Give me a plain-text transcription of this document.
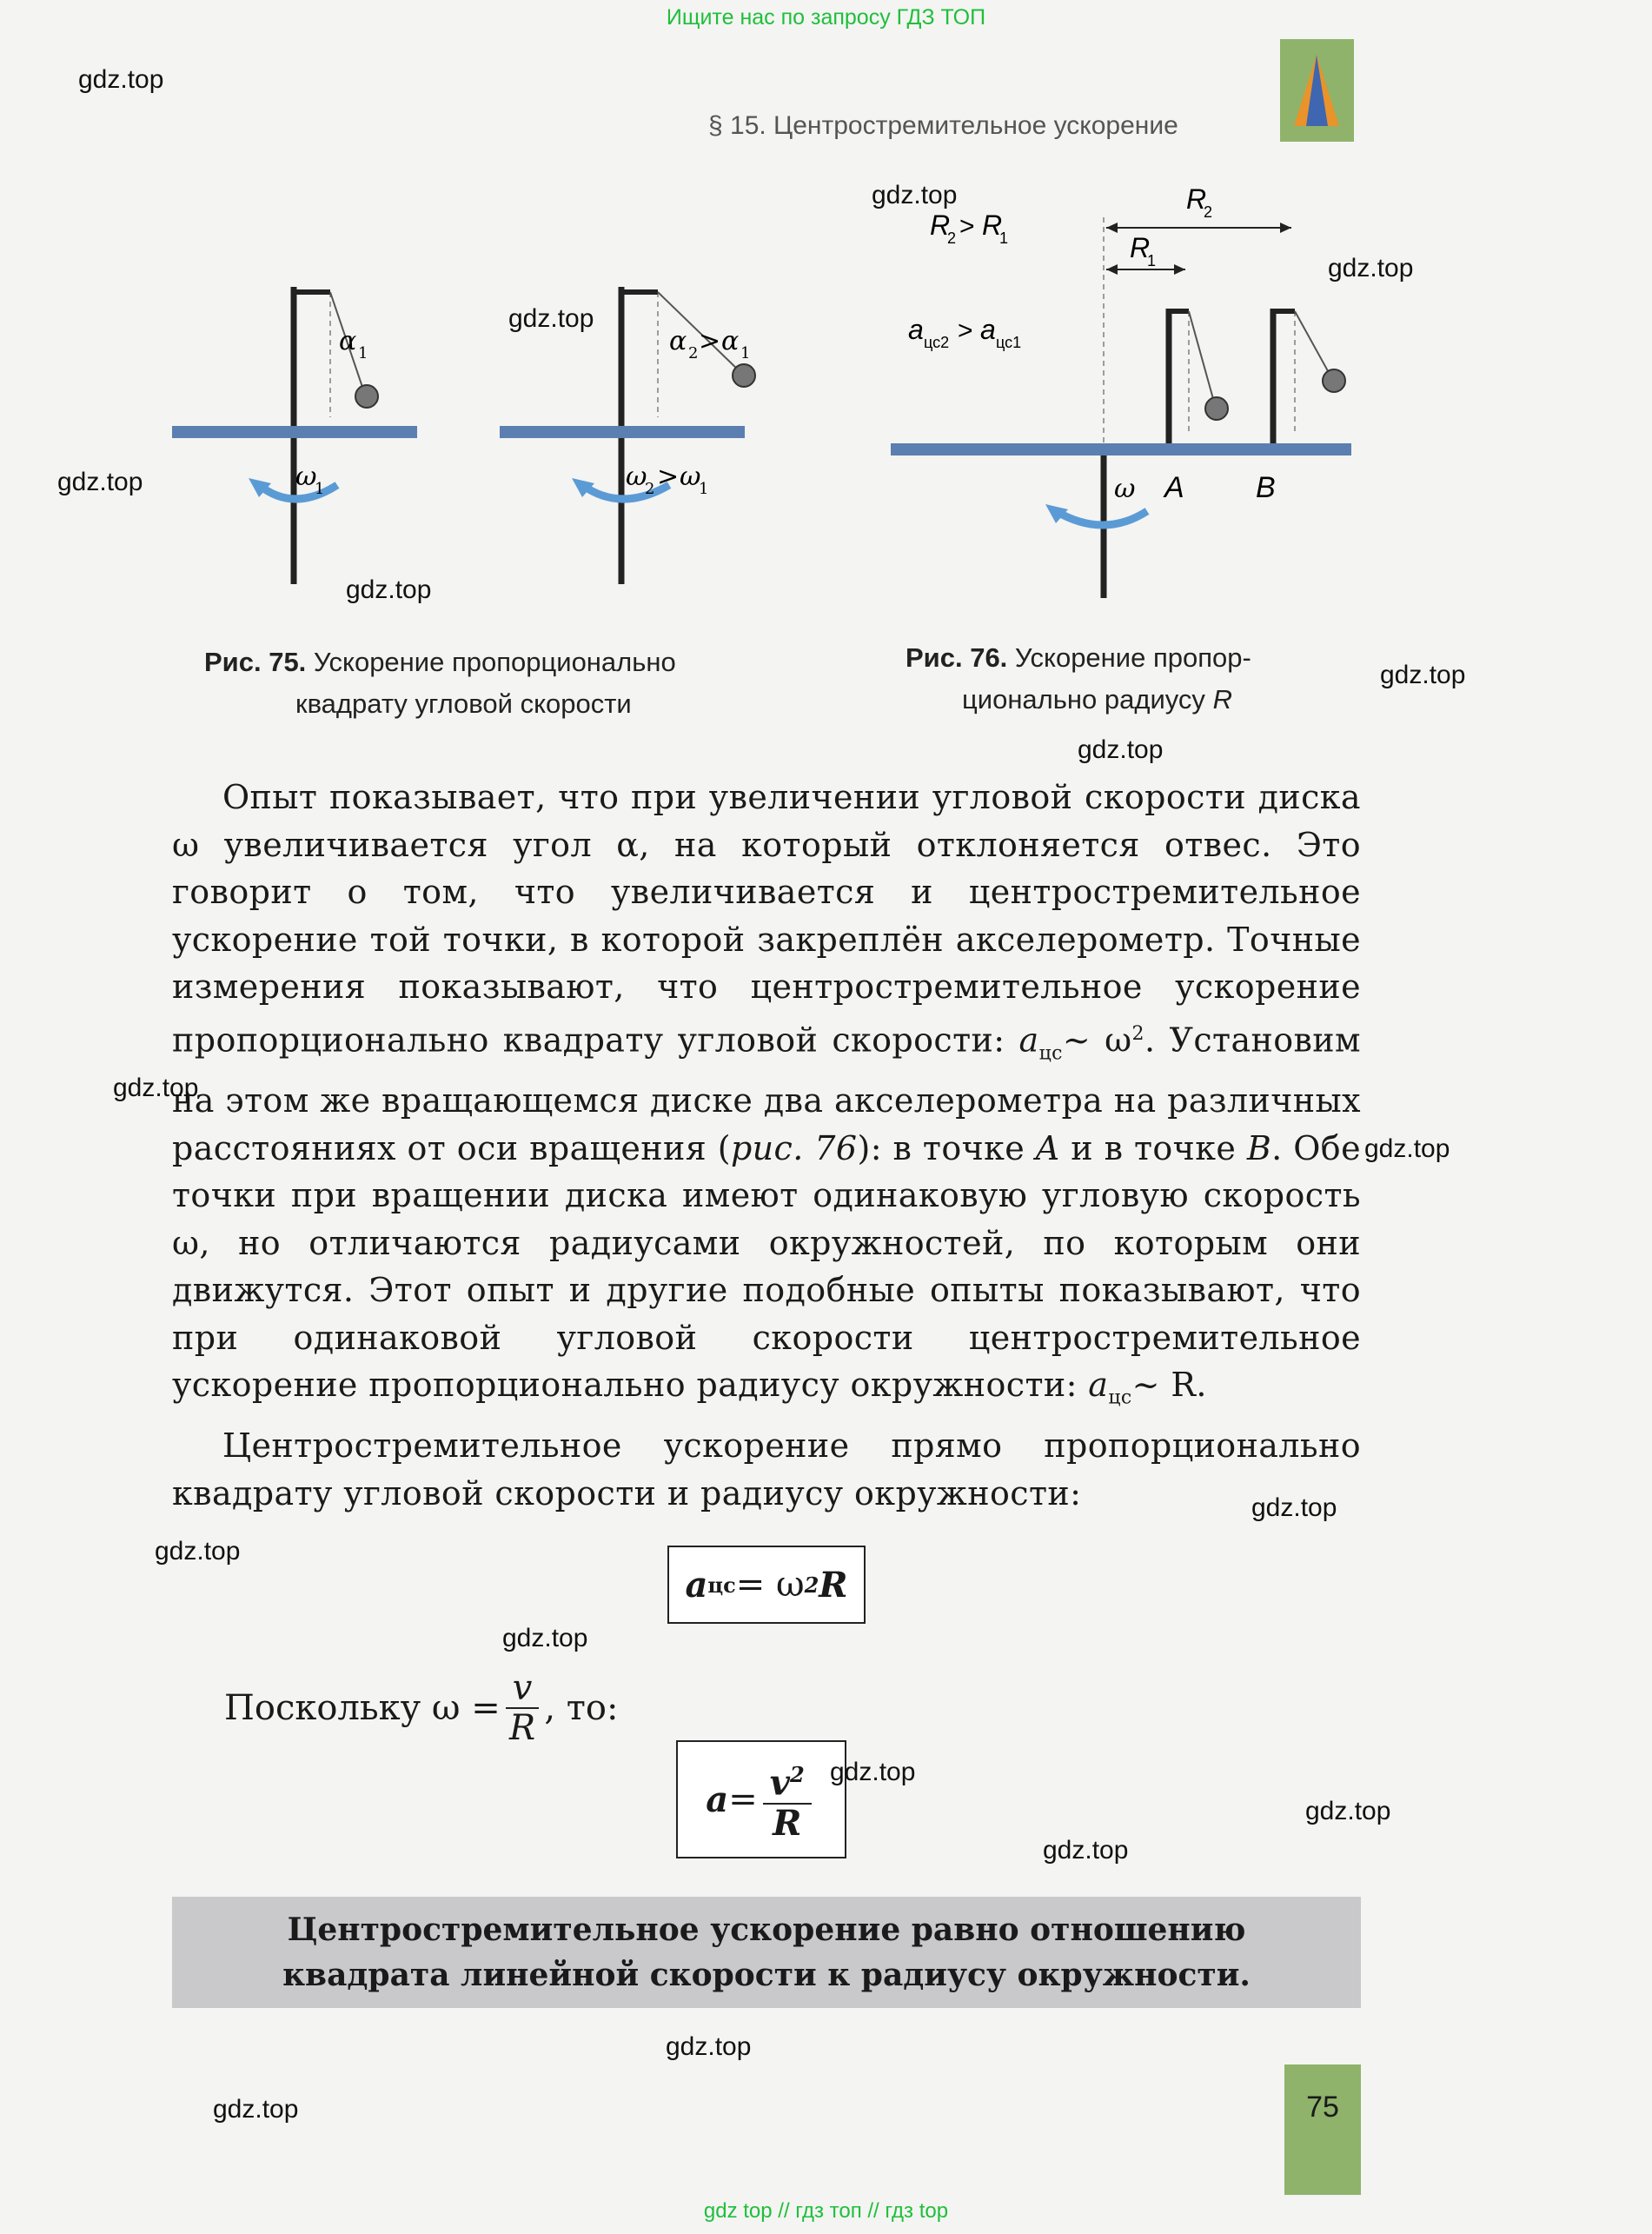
Ищите нас по запросу ГДЗ ТОП
§ 15. Центростремительное ускорение
α 1
ω
1
α 2 > α 1
ω
2 > ω
1	ω A B
R
2
R
1
R
2 > R
1
a цс2 > a цс1
Рис. 75. Ускорение пропорционально
квадрату угловой скорости
Рис. 76. Ускорение пропор-
ционально радиусу R

Опыт показывает, что при увеличении угловой скорости диска ω увеличивается угол α, на который отклоняется отвес. Это говорит о том, что увеличивается и центростремительное ускорение той точки, в которой закреплён акселерометр. Точные измерения показывают, что центростремительное ускорение пропорционально квадрату угловой скорости: $a_{цс}\sim$ $\omega^2$. Установим на этом же вращающемся диске два акселерометра на различных расстояниях от оси вращения (рис. 76): в точке A и в точке B. Обе точки при вращении диска имеют одинаковую угловую скорость ω, но отличаются радиусами окружностей, по которым они движутся. Этот опыт и другие подобные опыты показывают, что при одинаковой угловой скорости центростремительное ускорение пропорционально радиусу окружности: $a_{цс}\sim$ R.

Центростремительное ускорение прямо пропорционально квадрату угловой скорости и радиусу окружности:

a цс = ω 2 R
Поскольку $\omega = \frac{v}{R}$ , то:
$a = \frac{v^2}{R}$
Центростремительное ускорение равно отношению
квадрата линейной скорости к радиусу окружности.
75
gdz.top
gdz.top
gdz.top
gdz.top
gdz.top
gdz.top
gdz.top
gdz.top
gdz.top
gdz.top
gdz.top
gdz.top
gdz.top
gdz.top
gdz.top
gdz.top
gdz.top
gdz.top
gdz top // гдз топ // гдз top
